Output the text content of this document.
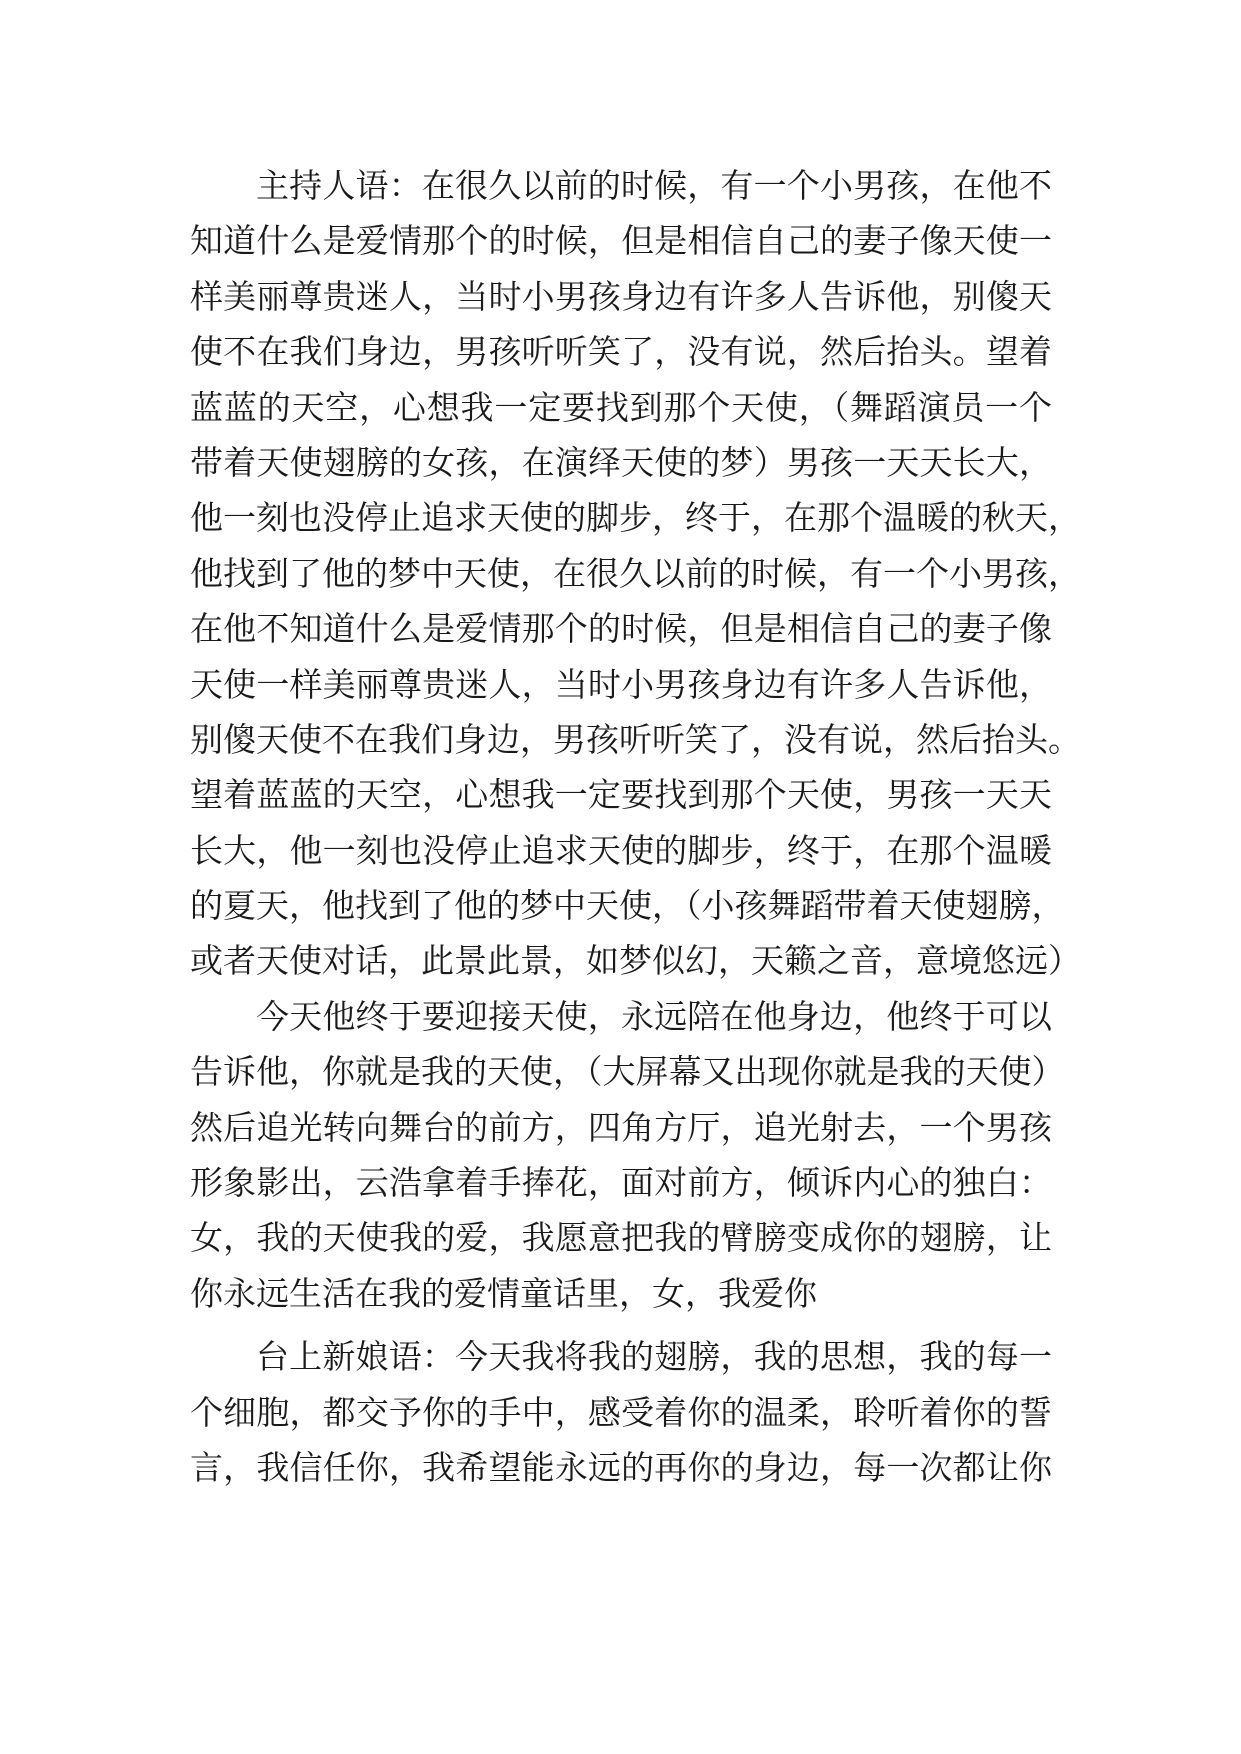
主持人语：在很久以前的时候，有一个小男孩，在他不
知道什么是爱情那个的时候，但是相信自己的妻子像天使一
样美丽尊贵迷人，当时小男孩身边有许多人告诉他，别傻天
使不在我们身边，男孩听听笑了，没有说，然后抬头。望着
蓝蓝的天空，心想我一定要找到那个天使，（舞蹈演员一个
带着天使翅膀的女孩，在演绎天使的梦）男孩一天天长大，
他一刻也没停止追求天使的脚步，终于，在那个温暖的秋天，
他找到了他的梦中天使，在很久以前的时候，有一个小男孩，
在他不知道什么是爱情那个的时候，但是相信自己的妻子像
天使一样美丽尊贵迷人，当时小男孩身边有许多人告诉他，
别傻天使不在我们身边，男孩听听笑了，没有说，然后抬头。
望着蓝蓝的天空，心想我一定要找到那个天使，男孩一天天
长大，他一刻也没停止追求天使的脚步，终于，在那个温暖
的夏天，他找到了他的梦中天使，（小孩舞蹈带着天使翅膀，
或者天使对话，此景此景，如梦似幻，天籁之音，意境悠远）
今天他终于要迎接天使，永远陪在他身边，他终于可以
告诉他，你就是我的天使，（大屏幕又出现你就是我的天使）
然后追光转向舞台的前方，四角方厅，追光射去，一个男孩
形象影出，云浩拿着手捧花，面对前方，倾诉内心的独白：
女，我的天使我的爱，我愿意把我的臂膀变成你的翅膀，让
你永远生活在我的爱情童话里，女，我爱你
台上新娘语：今天我将我的翅膀，我的思想，我的每一
个细胞，都交予你的手中，感受着你的温柔，聆听着你的誓
言，我信任你，我希望能永远的再你的身边，每一次都让你
